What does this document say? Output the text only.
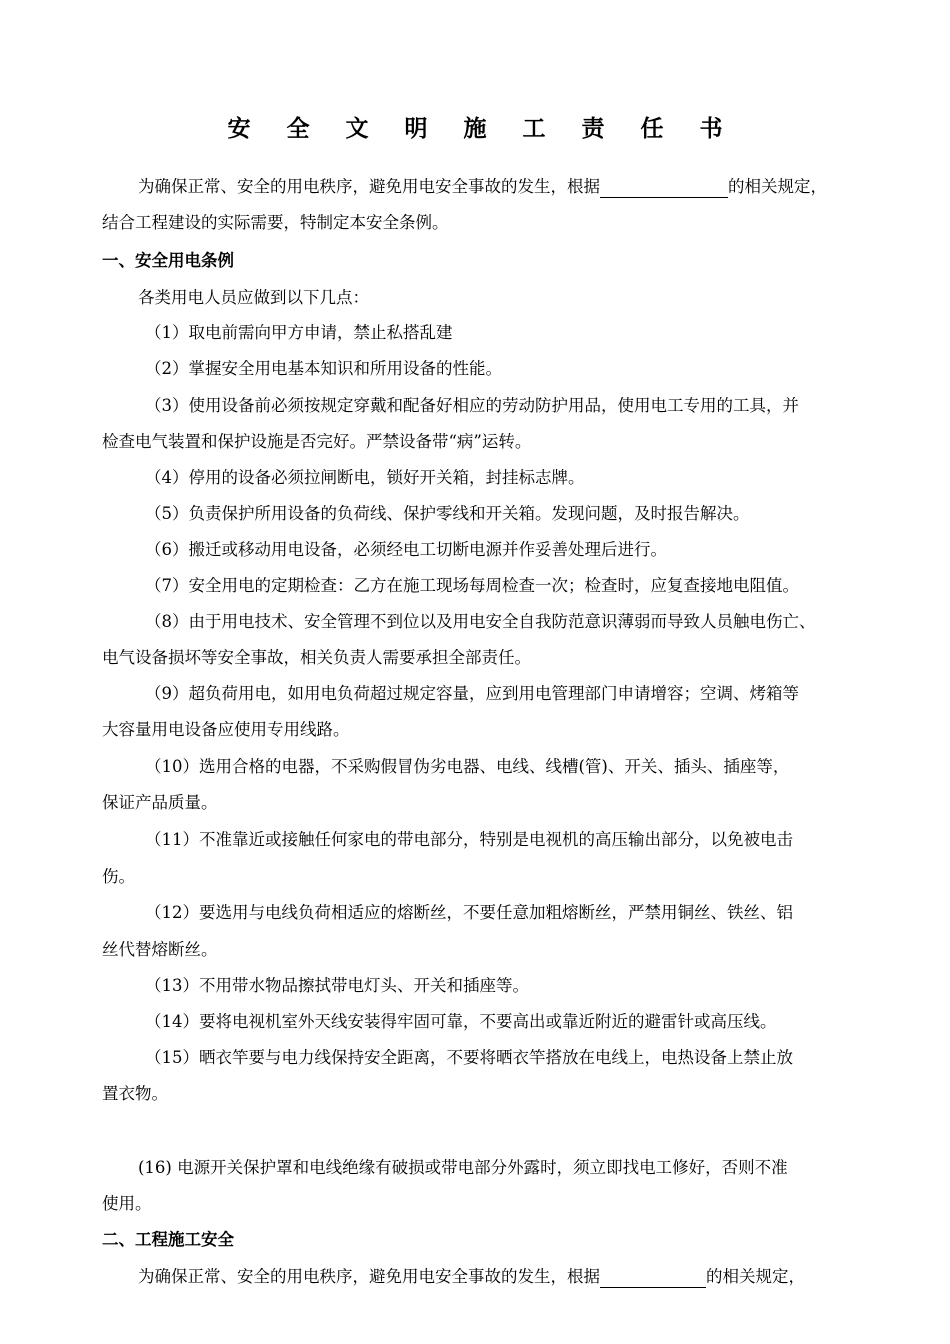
安 全 文 明 施 工 责 任 书
为确保正常、安全的用电秩序，避免用电安全事故的发生，根据	的相关规定，
结合工程建设的实际需要，特制定本安全条例。
一、安全用电条例
各类用电人员应做到以下几点：
（1）取电前需向甲方申请，禁止私搭乱建
（2）掌握安全用电基本知识和所用设备的性能。
（3）使用设备前必须按规定穿戴和配备好相应的劳动防护用品，使用电工专用的工具，并
检查电气装置和保护设施是否完好。严禁设备带“病”运转。
（4）停用的设备必须拉闸断电，锁好开关箱，封挂标志牌。
（5）负责保护所用设备的负荷线、保护零线和开关箱。发现问题，及时报告解决。
（6）搬迁或移动用电设备，必须经电工切断电源并作妥善处理后进行。
（7）安全用电的定期检查：乙方在施工现场每周检查一次；检查时，应复查接地电阻值。
（8）由于用电技术、安全管理不到位以及用电安全自我防范意识薄弱而导致人员触电伤亡、
电气设备损坏等安全事故，相关负责人需要承担全部责任。
（9）超负荷用电，如用电负荷超过规定容量，应到用电管理部门申请增容；空调、烤箱等
大容量用电设备应使用专用线路。
（10）选用合格的电器，不采购假冒伪劣电器、电线、线槽(管)、开关、插头、插座等，
保证产品质量。
（11）不准靠近或接触任何家电的带电部分，特别是电视机的高压输出部分，以免被电击
伤。
（12）要选用与电线负荷相适应的熔断丝，不要任意加粗熔断丝，严禁用铜丝、铁丝、铝
丝代替熔断丝。
（13）不用带水物品擦拭带电灯头、开关和插座等。
（14）要将电视机室外天线安装得牢固可靠，不要高出或靠近附近的避雷针或高压线。
（15）晒衣竿要与电力线保持安全距离，不要将晒衣竿搭放在电线上，电热设备上禁止放
置衣物。
(16) 电源开关保护罩和电线绝缘有破损或带电部分外露时，须立即找电工修好，否则不准
使用。
二、工程施工安全
为确保正常、安全的用电秩序，避免用电安全事故的发生，根据	的相关规定，
